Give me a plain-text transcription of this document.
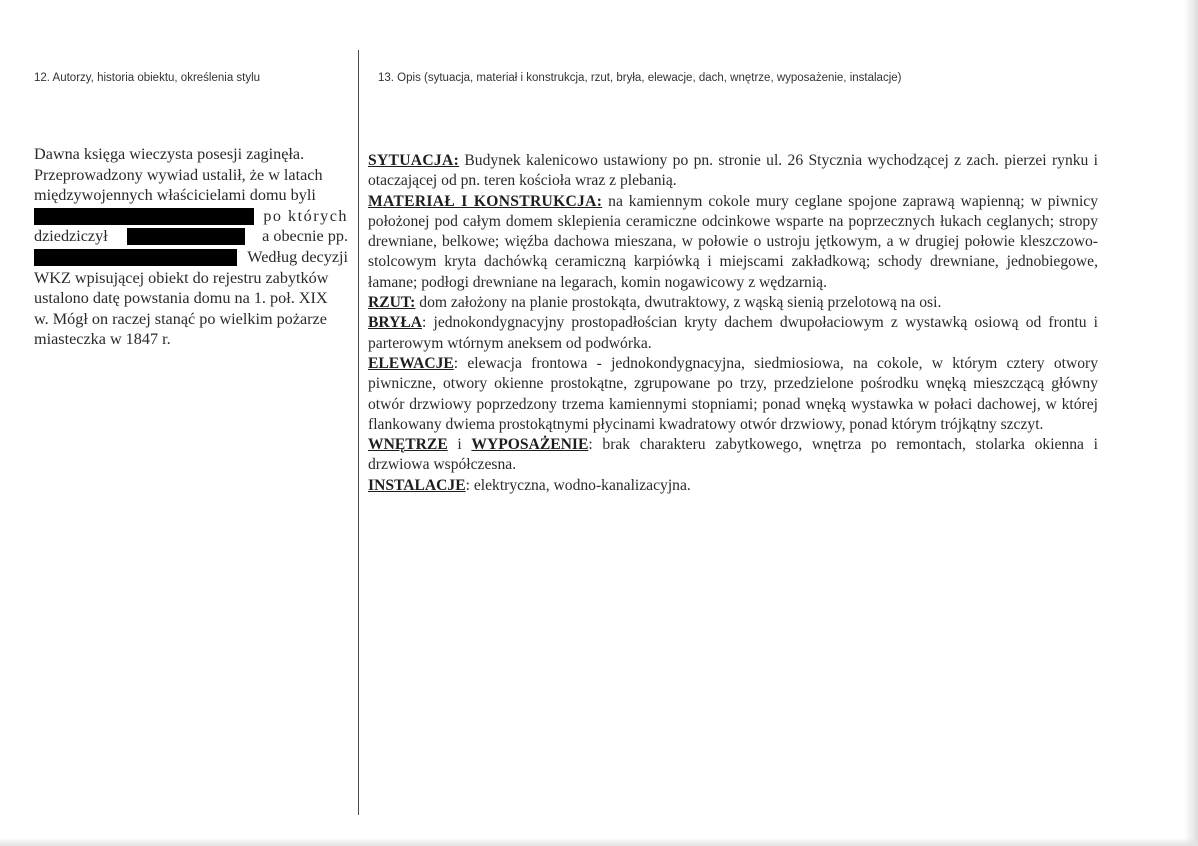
12. Autorzy, historia obiektu, określenia stylu	13. Opis (sytuacja, materiał i konstrukcja, rzut, bryła, elewacje, dach, wnętrze, wyposażenie, instalacje)
Dawna księga wieczysta posesji zaginęła.
Przeprowadzony wywiad ustalił, że w latach
międzywojennych właścicielami domu byli
po których
dziedziczył	a obecnie pp.
Według decyzji
WKZ wpisującej obiekt do rejestru zabytków
ustalono datę powstania domu na 1. poł. XIX
w. Mógł on raczej stanąć po wielkim pożarze
miasteczka w 1847 r.

SYTUACJA: Budynek kalenicowo ustawiony po pn. stronie ul. 26 Stycznia wychodzącej z zach. pierzei rynku i otaczającej od pn. teren kościoła wraz z plebanią.

MATERIAŁ I KONSTRUKCJA: na kamiennym cokole mury ceglane spojone zaprawą wapienną; w piwnicy położonej pod całym domem sklepienia ceramiczne odcinkowe wsparte na poprzecznych łukach ceglanych; stropy drewniane, belkowe; więźba dachowa mieszana, w połowie o ustroju jętkowym, a w drugiej połowie kleszczowo-stolcowym kryta dachówką ceramiczną karpiówką i miejscami zakładkową; schody drewniane, jednobiegowe, łamane; podłogi drewniane na legarach, komin nogawicowy z wędzarnią.

RZUT: dom założony na planie prostokąta, dwutraktowy, z wąską sienią przelotową na osi.

BRYŁA: jednokondygnacyjny prostopadłościan kryty dachem dwupołaciowym z wystawką osiową od frontu i parterowym wtórnym aneksem od podwórka.

ELEWACJE: elewacja frontowa - jednokondygnacyjna, siedmiosiowa, na cokole, w którym cztery otwory piwniczne, otwory okienne prostokątne, zgrupowane po trzy, przedzielone pośrodku wnęką mieszczącą główny otwór drzwiowy poprzedzony trzema kamiennymi stopniami; ponad wnęką wystawka w połaci dachowej, w której flankowany dwiema prostokątnymi płycinami kwadratowy otwór drzwiowy, ponad którym trójkątny szczyt.

WNĘTRZE i WYPOSAŻENIE: brak charakteru zabytkowego, wnętrza po remontach, stolarka okienna i drzwiowa współczesna.

INSTALACJE: elektryczna, wodno-kanalizacyjna.
